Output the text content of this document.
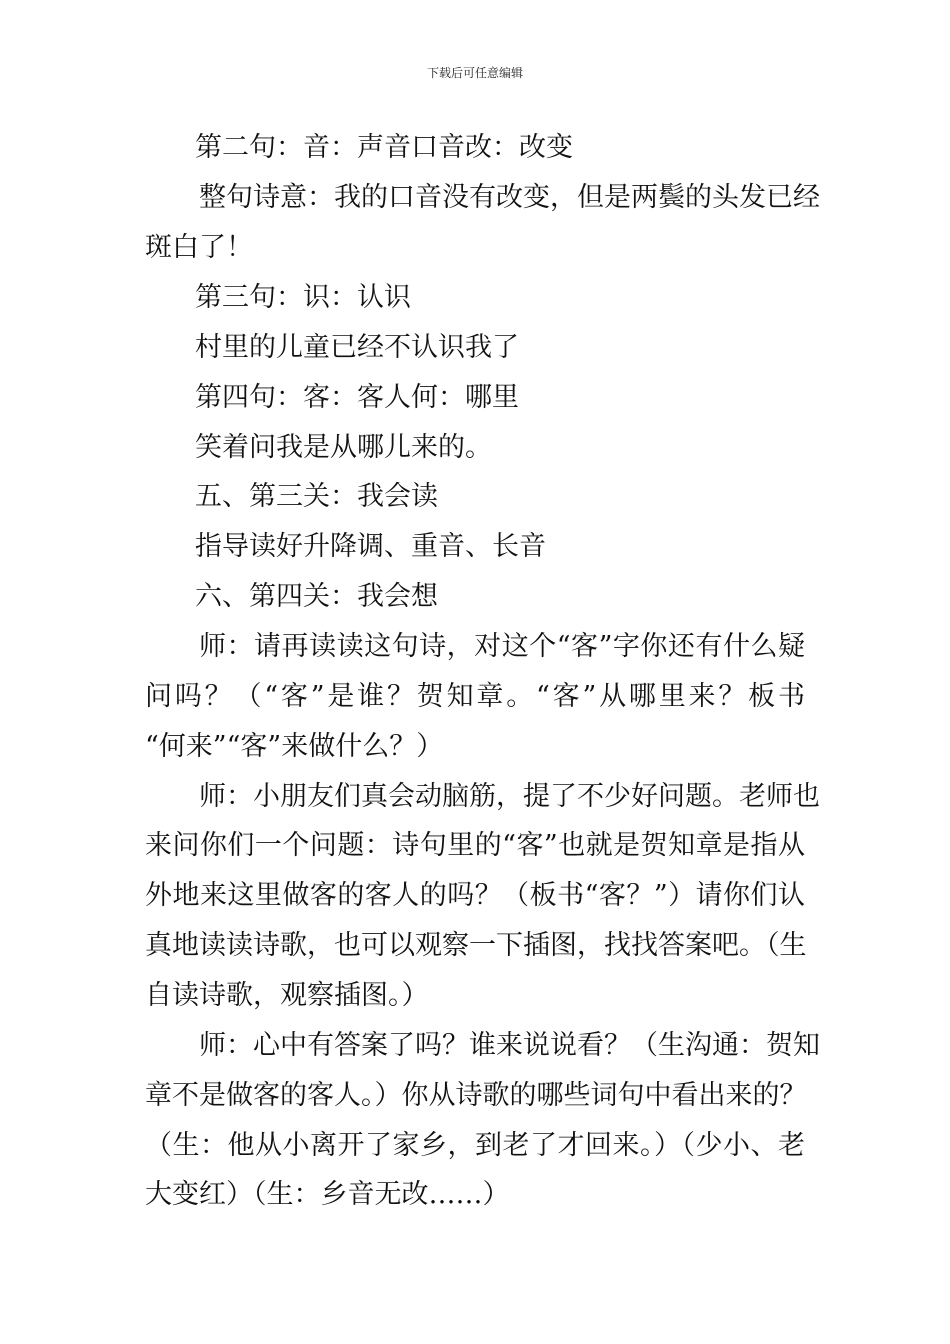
下载后可任意编辑

第二句：音：声音口音改：改变

整句诗意：我的口音没有改变，但是两鬓的头发已经

斑白了！

第三句：识：认识

村里的儿童已经不认识我了

第四句：客：客人何：哪里

笑着问我是从哪儿来的。

五、第三关：我会读

指导读好升降调、重音、长音

六、第四关：我会想

师：请再读读这句诗，对这个“客”字你还有什么疑

问吗？（“客”是谁？贺知章。“客”从哪里来？板书

“何来”“客”来做什么？）

师：小朋友们真会动脑筋，提了不少好问题。老师也

来问你们一个问题：诗句里的“客”也就是贺知章是指从

外地来这里做客的客人的吗？（板书“客？”）请你们认

真地读读诗歌，也可以观察一下插图，找找答案吧。（生

自读诗歌，观察插图。）

师：心中有答案了吗？谁来说说看？（生沟通：贺知

章不是做客的客人。）你从诗歌的哪些词句中看出来的？

（生：他从小离开了家乡，到老了才回来。）（少小、老

大变红）（生：乡音无改……）
